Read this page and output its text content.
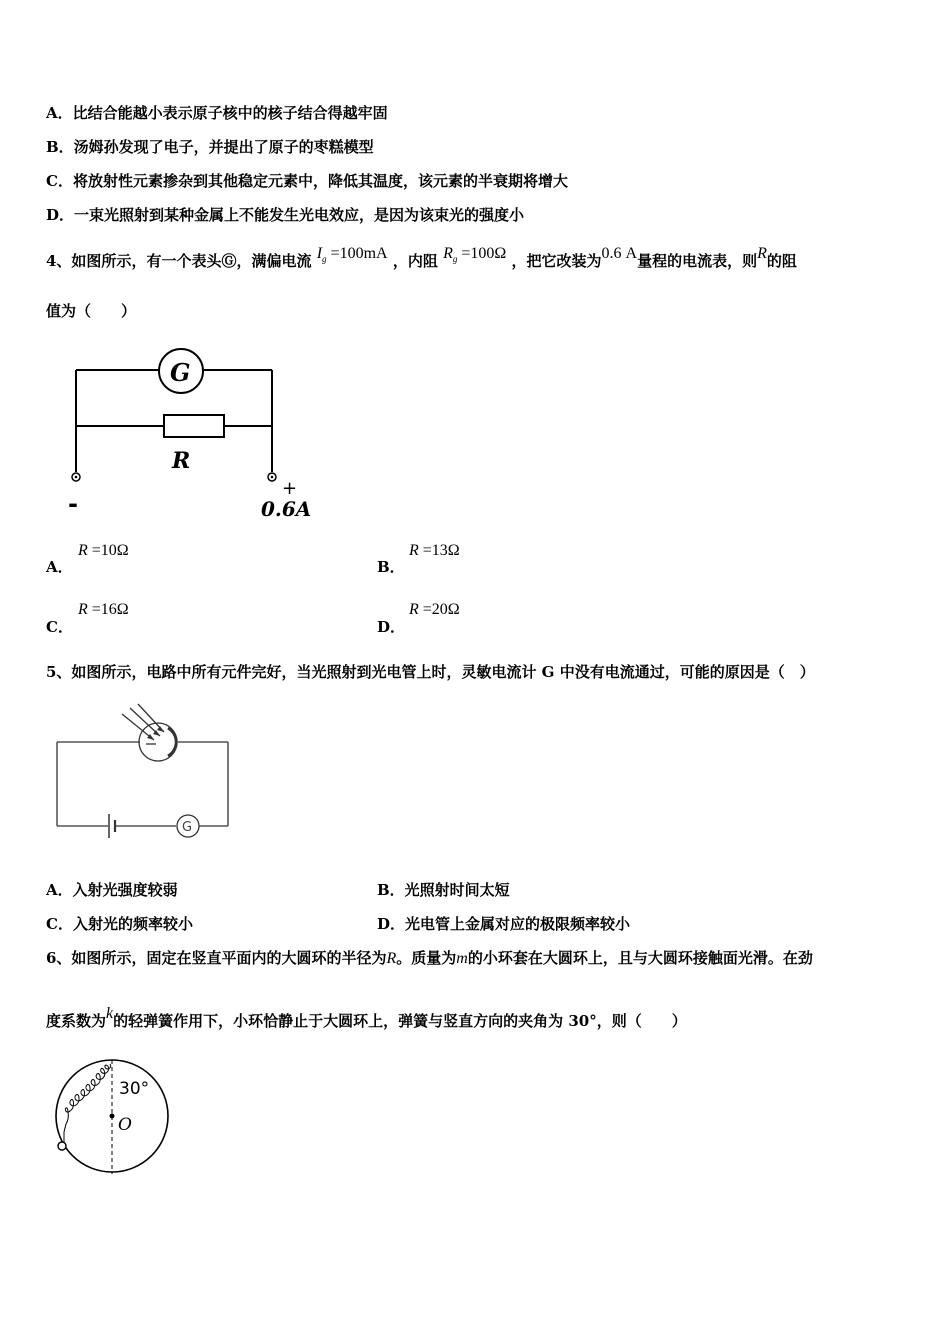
A．比结合能越小表示原子核中的核子结合得越牢固
B．汤姆孙发现了电子，并提出了原子的枣糕模型
C．将放射性元素掺杂到其他稳定元素中，降低其温度，该元素的半衰期将增大
D．一束光照射到某种金属上不能发生光电效应，是因为该束光的强度小
4、如图所示，有一个表头Ⓖ，满偏电流 $I_g =100mA$ ，内阻 $R_g =100\Omega$ ，把它改装为0.6 A量程的电流表，则R的阻
值为（　　）
G
R
-
+
0.6A
A．
R =10Ω
B．
R =13Ω
C．
R =16Ω
D．
R =20Ω
5、如图所示，电路中所有元件完好，当光照射到光电管上时，灵敏电流计 G 中没有电流通过，可能的原因是（　）
G
A．入射光强度较弱	B．光照射时间太短
C．入射光的频率较小	D．光电管上金属对应的极限频率较小
6、如图所示，固定在竖直平面内的大圆环的半径为R。质量为m的小环套在大圆环上，且与大圆环接触面光滑。在劲
度系数为k的轻弹簧作用下，小环恰静止于大圆环上，弹簧与竖直方向的夹角为 30°，则（　　）
30°
O
